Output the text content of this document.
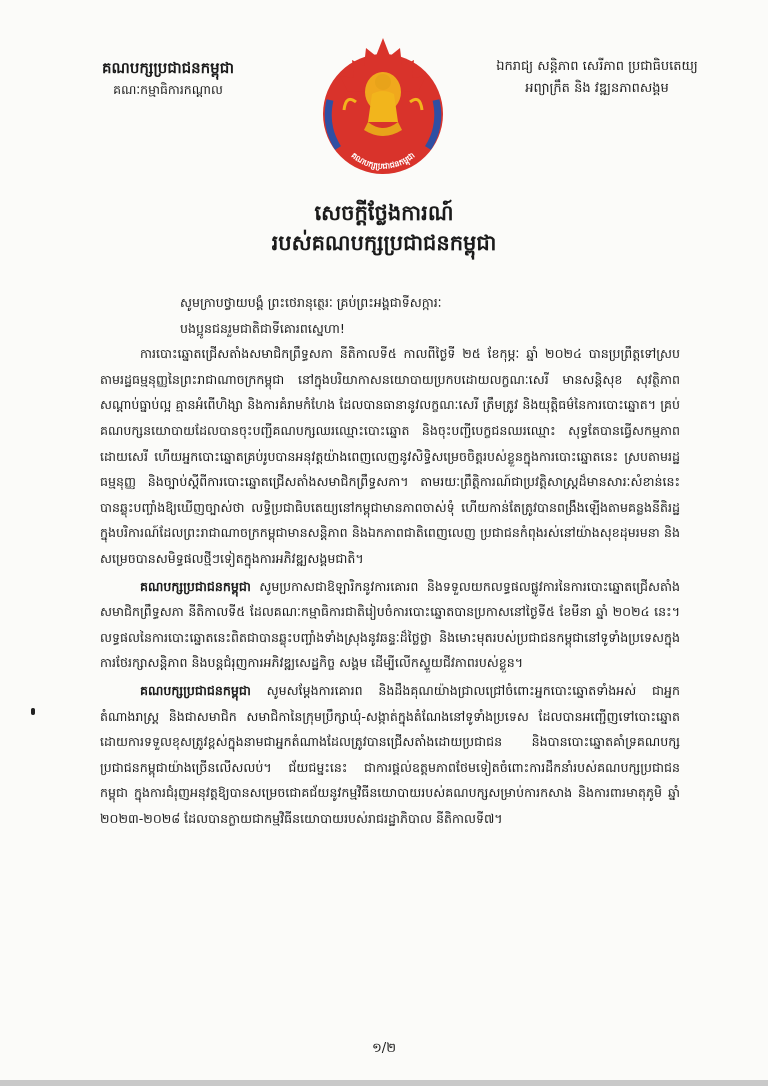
គណបក្សប្រជាជនកម្ពុជា
គណៈកម្មាធិការកណ្ដាល
គណបក្សប្រជាជនកម្ពុជា
ឯករាជ្យ សន្តិភាព សេរីភាព ប្រជាធិបតេយ្យ
អព្យាក្រឹត និង វឌ្ឍនភាពសង្គម
សេចក្តីថ្លែងការណ៍
របស់គណបក្សប្រជាជនកម្ពុជា

សូមក្រាបថ្វាយបង្គំ ព្រះថេរានុត្ថេរៈ គ្រប់ព្រះអង្គជាទីសក្ការៈ

បងប្អូនជនរួមជាតិជាទីគោរពស្នេហា!

ការបោះឆ្នោតជ្រើសតាំងសមាជិកព្រឹទ្ធសភា នីតិកាលទី៥ កាលពីថ្ងៃទី ២៥ ខែកុម្ភៈ ឆ្នាំ ២០២៤ បានប្រព្រឹត្តទៅស្របតាមរដ្ឋធម្មនុញ្ញនៃព្រះរាជាណាចក្រកម្ពុជា នៅក្នុងបរិយាកាសនយោបាយប្រកបដោយលក្ខណៈសេរី មានសន្តិសុខ សុវត្ថិភាព សណ្តាប់ធ្នាប់ល្អ គ្មានអំពើហិង្សា និងការគំរាមកំហែង ដែលបានធានានូវលក្ខណៈសេរី ត្រឹមត្រូវ និងយុត្តិធម៌នៃការបោះឆ្នោត។ គ្រប់គណបក្សនយោបាយដែលបានចុះបញ្ជីគណបក្សឈរឈ្មោះបោះឆ្នោត និងចុះបញ្ជីបេក្ខជនឈរឈ្មោះ សុទ្ធតែបានធ្វើសកម្មភាពដោយសេរី ហើយអ្នកបោះឆ្នោតគ្រប់រូបបានអនុវត្តយ៉ាងពេញលេញនូវសិទ្ធិសម្រេចចិត្តរបស់ខ្លួនក្នុងការបោះឆ្នោតនេះ ស្របតាមរដ្ឋធម្មនុញ្ញ និងច្បាប់ស្តីពីការបោះឆ្នោតជ្រើសតាំងសមាជិកព្រឹទ្ធសភា។ តាមរយៈព្រឹត្តិការណ៍ជាប្រវត្តិសាស្ត្រដ៏មានសារៈសំខាន់នេះ បានឆ្លុះបញ្ចាំងឱ្យឃើញច្បាស់ថា លទ្ធិប្រជាធិបតេយ្យនៅកម្ពុជាមានភាពចាស់ទុំ ហើយកាន់តែត្រូវបានពង្រឹងឡើងតាមគន្លងនីតិរដ្ឋ ក្នុងបរិការណ៍ដែលព្រះរាជាណាចក្រកម្ពុជាមានសន្តិភាព និងឯកភាពជាតិពេញលេញ ប្រជាជនកំពុងរស់នៅយ៉ាងសុខដុមរមនា និងសម្រេចបានសមិទ្ធផលថ្មីៗទៀតក្នុងការអភិវឌ្ឍសង្គមជាតិ។

គណបក្សប្រជាជនកម្ពុជា សូមប្រកាសជាឱឡារិកនូវការគោរព និងទទួលយកលទ្ធផលផ្លូវការនៃការបោះឆ្នោតជ្រើសតាំងសមាជិកព្រឹទ្ធសភា នីតិកាលទី៥ ដែលគណៈកម្មាធិការជាតិរៀបចំការបោះឆ្នោតបានប្រកាសនៅថ្ងៃទី៥ ខែមីនា ឆ្នាំ ២០២៤ នេះ។ លទ្ធផលនៃការបោះឆ្នោតនេះពិតជាបានឆ្លុះបញ្ចាំងទាំងស្រុងនូវឆន្ទៈដ៏ថ្លៃថ្លា និងមោះមុតរបស់ប្រជាជនកម្ពុជានៅទូទាំងប្រទេសក្នុងការថែរក្សាសន្តិភាព និងបន្តជំរុញការអភិវឌ្ឍសេដ្ឋកិច្ច សង្គម ដើម្បីលើកស្ទួយជីវភាពរបស់ខ្លួន។

គណបក្សប្រជាជនកម្ពុជា សូមសម្តែងការគោរព និងដឹងគុណយ៉ាងជ្រាលជ្រៅចំពោះអ្នកបោះឆ្នោតទាំងអស់ ជាអ្នកតំណាងរាស្ត្រ និងជាសមាជិក សមាជិកានៃក្រុមប្រឹក្សាឃុំ-សង្កាត់ក្នុងតំណែងនៅទូទាំងប្រទេស ដែលបានអញ្ជើញទៅបោះឆ្នោតដោយការទទួលខុសត្រូវខ្ពស់ក្នុងនាមជាអ្នកតំណាងដែលត្រូវបានជ្រើសតាំងដោយប្រជាជន និងបានបោះឆ្នោតគាំទ្រគណបក្សប្រជាជនកម្ពុជាយ៉ាងច្រើនលើសលប់។ ជ័យជម្នះនេះ ជាការផ្តល់ឧត្តមភាពថែមទៀតចំពោះការដឹកនាំរបស់គណបក្សប្រជាជនកម្ពុជា ក្នុងការជំរុញអនុវត្តឱ្យបានសម្រេចជោគជ័យនូវកម្មវិធីនយោបាយរបស់គណបក្សសម្រាប់ការកសាង និងការពារមាតុភូមិ ឆ្នាំ ២០២៣-២០២៨ ដែលបានក្លាយជាកម្មវិធីនយោបាយរបស់រាជរដ្ឋាភិបាល នីតិកាលទី៧។

១/២
